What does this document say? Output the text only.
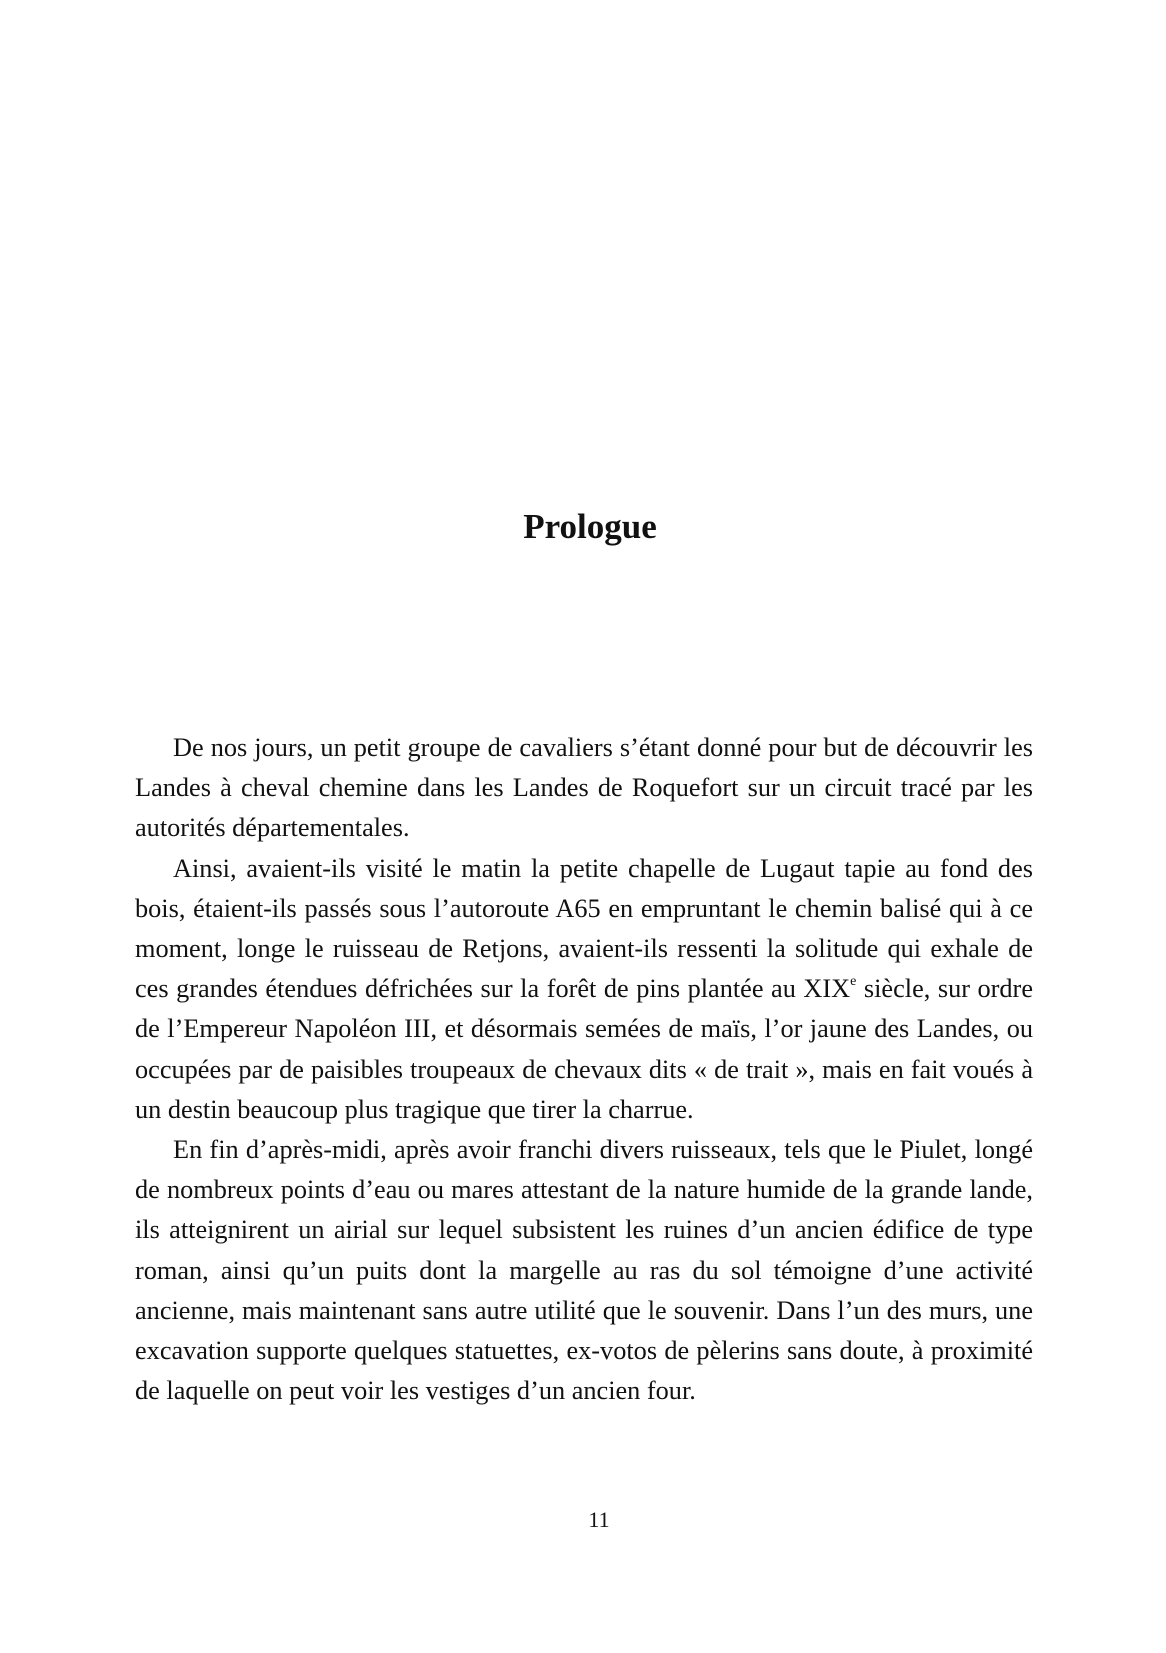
Prologue

De nos jours, un petit groupe de cavaliers s’étant donné pour but de découvrir les Landes à cheval chemine dans les Landes de Roquefort sur un circuit tracé par les autorités départementales.

Ainsi, avaient-ils visité le matin la petite chapelle de Lugaut tapie au fond des bois, étaient-ils passés sous l’autoroute A65 en empruntant le chemin balisé qui à ce moment, longe le ruisseau de Retjons, avaient-ils ressenti la solitude qui exhale de ces grandes étendues défrichées sur la forêt de pins plantée au XIXe siècle, sur ordre de l’Empereur Napoléon III, et désormais semées de maïs, l’or jaune des Landes, ou occupées par de paisibles troupeaux de chevaux dits « de trait », mais en fait voués à un destin beaucoup plus tragique que tirer la charrue.

En fin d’après-midi, après avoir franchi divers ruisseaux, tels que le Piulet, longé de nombreux points d’eau ou mares attestant de la nature humide de la grande lande, ils atteignirent un airial sur lequel subsistent les ruines d’un ancien édifice de type roman, ainsi qu’un puits dont la margelle au ras du sol témoigne d’une activité ancienne, mais maintenant sans autre utilité que le souvenir. Dans l’un des murs, une excavation supporte quelques statuettes, ex-votos de pèlerins sans doute, à proximité de laquelle on peut voir les vestiges d’un ancien four.

11
